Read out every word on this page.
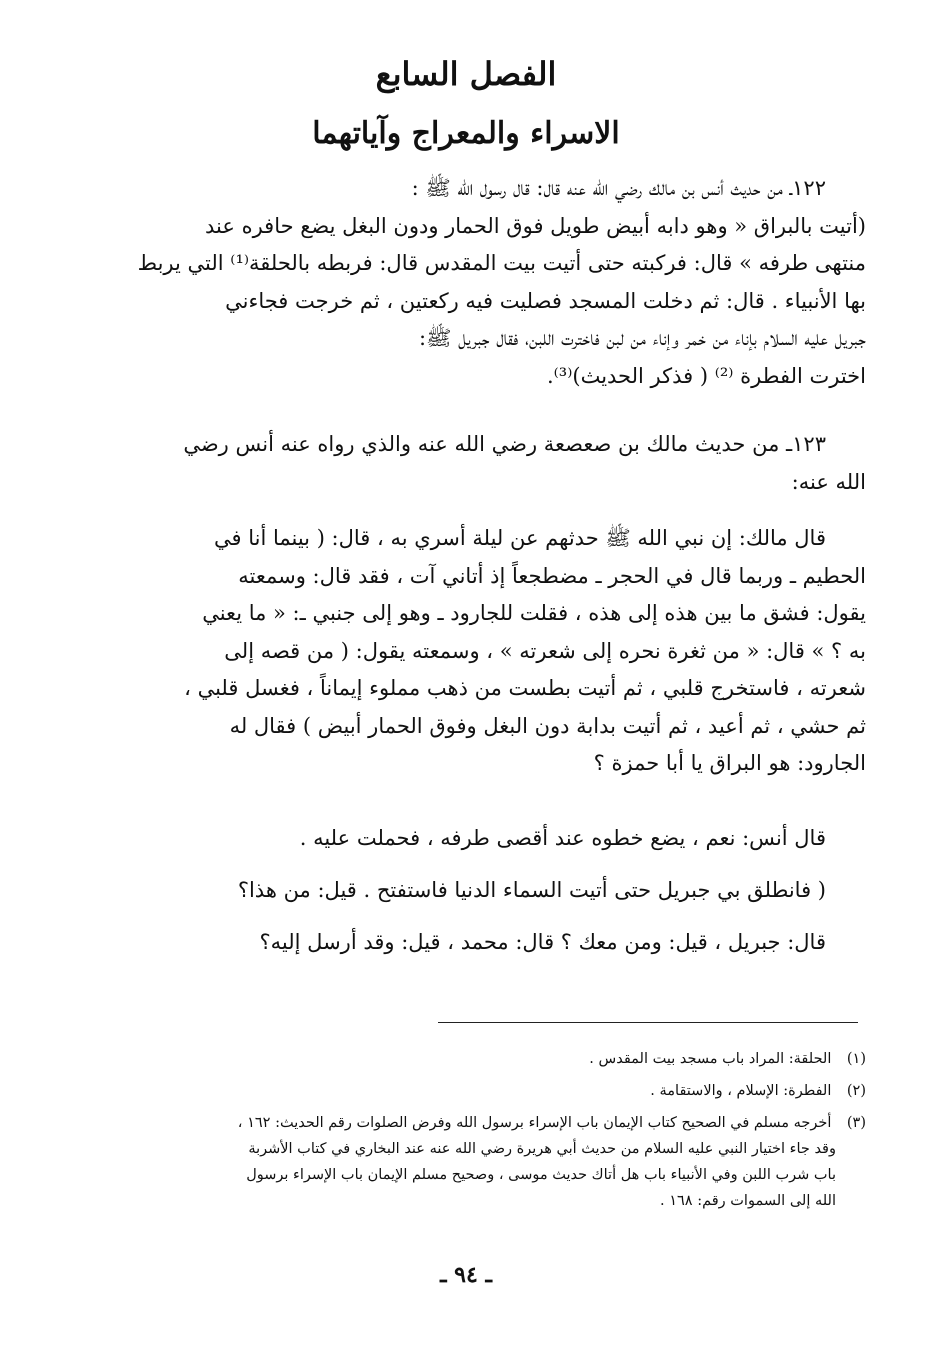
الفصل السابع
الاسراء والمعراج وآياتهما
١٢٢ـ من حديث أنس بن مالك رضي الله عنه قال: قال رسول الله ﷺ :
(أتيت بالبراق « وهو دابه أبيض طويل فوق الحمار ودون البغل يضع حافره عند
منتهى طرفه » قال: فركبته حتى أتيت بيت المقدس قال: فربطه بالحلقة⁽¹⁾ التي يربط
بها الأنبياء . قال: ثم دخلت المسجد فصليت فيه ركعتين ، ثم خرجت فجاءني
جبريل عليه السلام بإناء من خمر وإناء من لبن فاخترت اللبن، فقال جبريل ﷺ:
اخترت الفطرة ⁽²⁾ ( فذكر الحديث)⁽³⁾.
١٢٣ـ من حديث مالك بن صعصعة رضي الله عنه والذي رواه عنه أنس رضي
الله عنه:
قال مالك: إن نبي الله ﷺ حدثهم عن ليلة أسري به ، قال: ( بينما أنا في
الحطيم ـ وربما قال في الحجر ـ مضطجعاً إذ أتاني آت ، فقد قال: وسمعته
يقول: فشق ما بين هذه إلى هذه ، فقلت للجارود ـ وهو إلى جنبي ـ: « ما يعني
به ؟ » قال: « من ثغرة نحره إلى شعرته » ، وسمعته يقول: ( من قصه إلى
شعرته ، فاستخرج قلبي ، ثم أتيت بطست من ذهب مملوء إيماناً ، فغسل قلبي ،
ثم حشي ، ثم أعيد ، ثم أتيت بدابة دون البغل وفوق الحمار أبيض ) فقال له
الجارود: هو البراق يا أبا حمزة ؟
قال أنس: نعم ، يضع خطوه عند أقصى طرفه ، فحملت عليه .
( فانطلق بي جبريل حتى أتيت السماء الدنيا فاستفتح . قيل: من هذا؟
قال: جبريل ، قيل: ومن معك ؟ قال: محمد ، قيل: وقد أرسل إليه؟
(١) الحلقة: المراد باب مسجد بيت المقدس .
(٢) الفطرة: الإسلام ، والاستقامة .
(٣) أخرجه مسلم في الصحيح كتاب الإيمان باب الإسراء برسول الله وفرض الصلوات رقم الحديث: ١٦٢ ،
وقد جاء اختيار النبي عليه السلام من حديث أبي هريرة رضي الله عنه عند البخاري في كتاب الأشربة
باب شرب اللبن وفي الأنبياء باب هل أتاك حديث موسى ، وصحيح مسلم الإيمان باب الإسراء برسول
الله إلى السموات رقم: ١٦٨ .
ـ ٩٤ ـ
